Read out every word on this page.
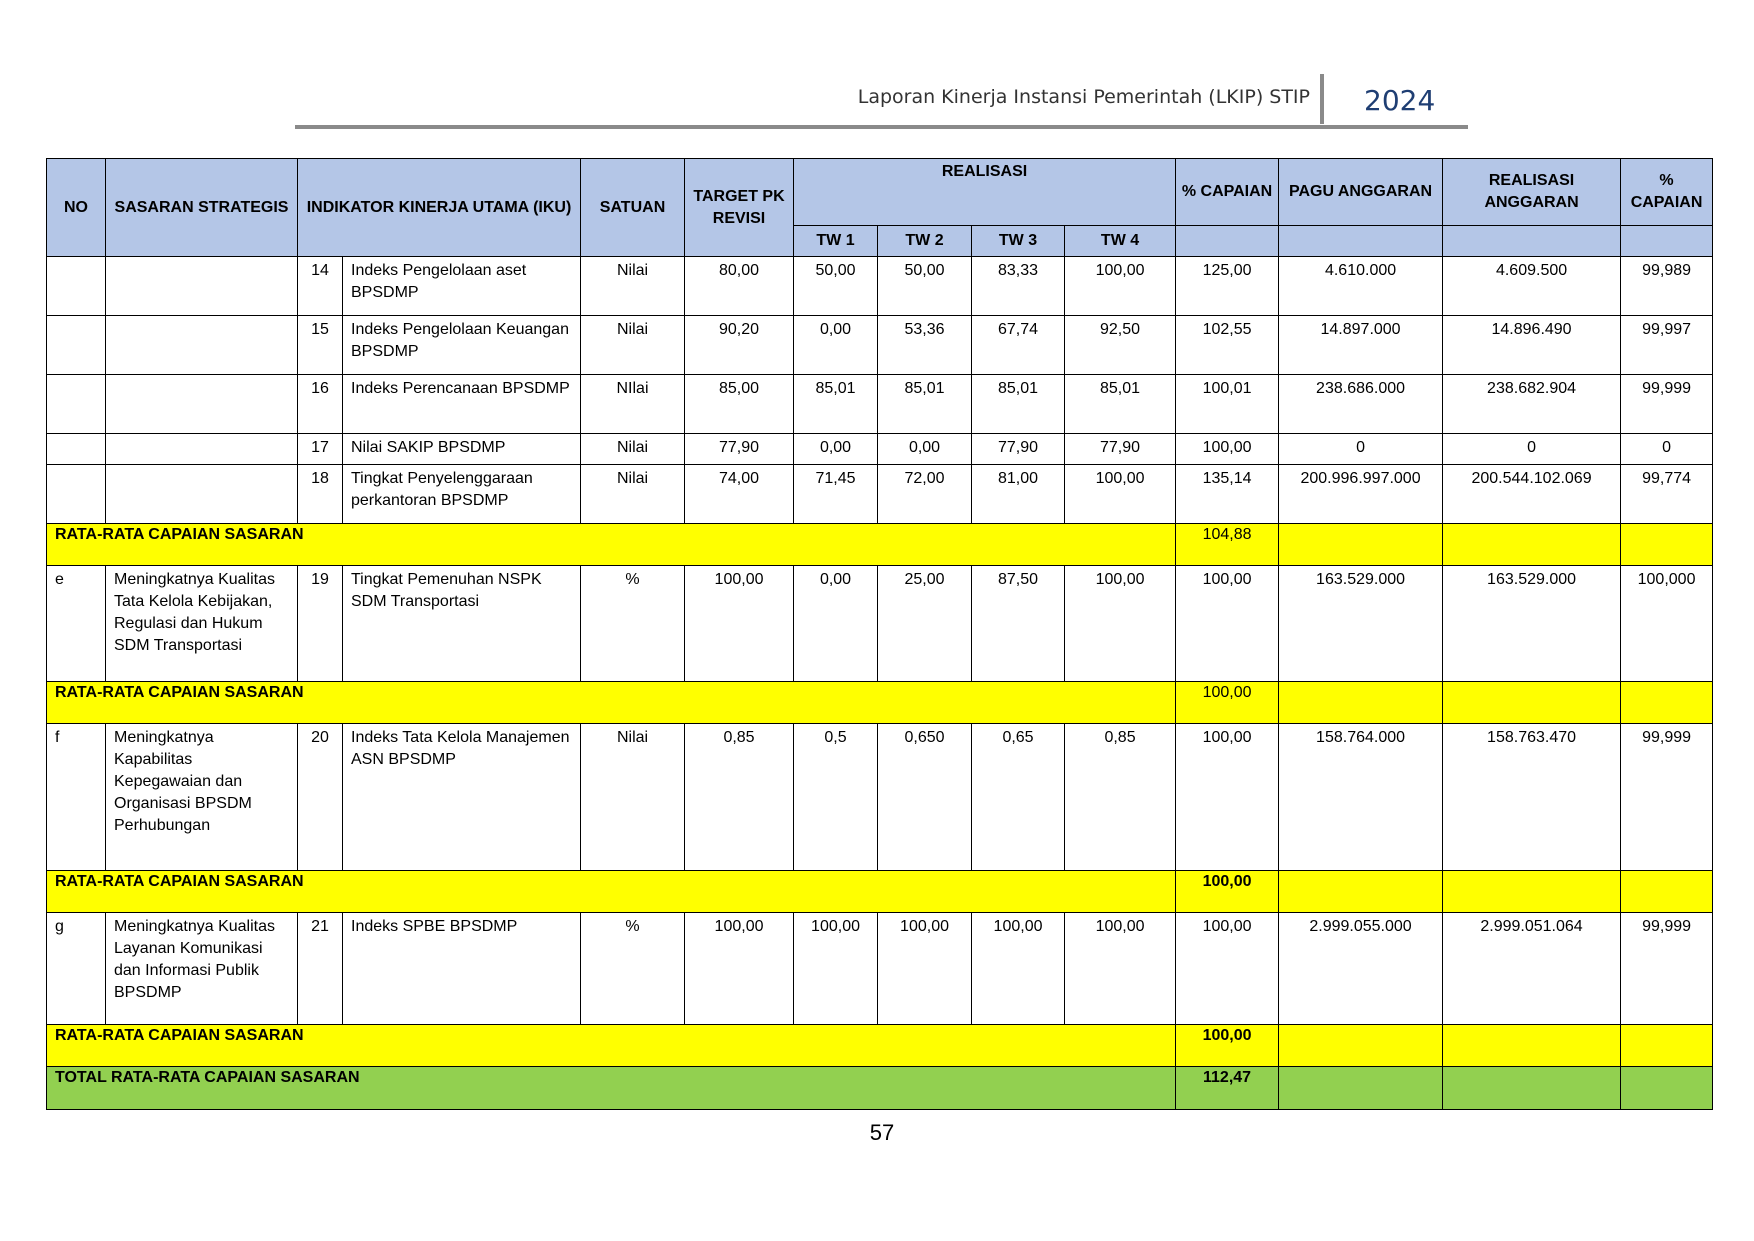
Laporan Kinerja Instansi Pemerintah (LKIP) STIP 2024
NO	SASARAN STRATEGIS	INDIKATOR KINERJA UTAMA (IKU)		SATUAN	TARGET PK REVISI	REALISASI				% CAPAIAN	PAGU ANGGARAN	REALISASI ANGGARAN	% CAPAIAN
						TW 1	TW 2	TW 3	TW 4				
		14	Indeks Pengelolaan aset BPSDMP	Nilai	80,00	50,00	50,00	83,33	100,00	125,00	4.610.000	4.609.500	99,989
		15	Indeks Pengelolaan Keuangan BPSDMP	Nilai	90,20	0,00	53,36	67,74	92,50	102,55	14.897.000	14.896.490	99,997
		16	Indeks Perencanaan BPSDMP	NIlai	85,00	85,01	85,01	85,01	85,01	100,01	238.686.000	238.682.904	99,999
		17	Nilai SAKIP BPSDMP	Nilai	77,90	0,00	0,00	77,90	77,90	100,00	0	0	0
		18	Tingkat Penyelenggaraan perkantoran BPSDMP	Nilai	74,00	71,45	72,00	81,00	100,00	135,14	200.996.997.000	200.544.102.069	99,774
RATA-RATA CAPAIAN SASARAN										104,88			
e	Meningkatnya Kualitas Tata Kelola Kebijakan, Regulasi dan Hukum SDM Transportasi	19	Tingkat Pemenuhan NSPK SDM Transportasi	%	100,00	0,00	25,00	87,50	100,00	100,00	163.529.000	163.529.000	100,000
RATA-RATA CAPAIAN SASARAN										100,00			
f	Meningkatnya Kapabilitas Kepegawaian dan Organisasi BPSDM Perhubungan	20	Indeks Tata Kelola Manajemen ASN BPSDMP	Nilai	0,85	0,5	0,650	0,65	0,85	100,00	158.764.000	158.763.470	99,999
RATA-RATA CAPAIAN SASARAN										100,00			
g	Meningkatnya Kualitas Layanan Komunikasi dan Informasi Publik BPSDMP	21	Indeks SPBE BPSDMP	%	100,00	100,00	100,00	100,00	100,00	100,00	2.999.055.000	2.999.051.064	99,999
RATA-RATA CAPAIAN SASARAN										100,00			
TOTAL RATA-RATA CAPAIAN SASARAN										112,47			
57
